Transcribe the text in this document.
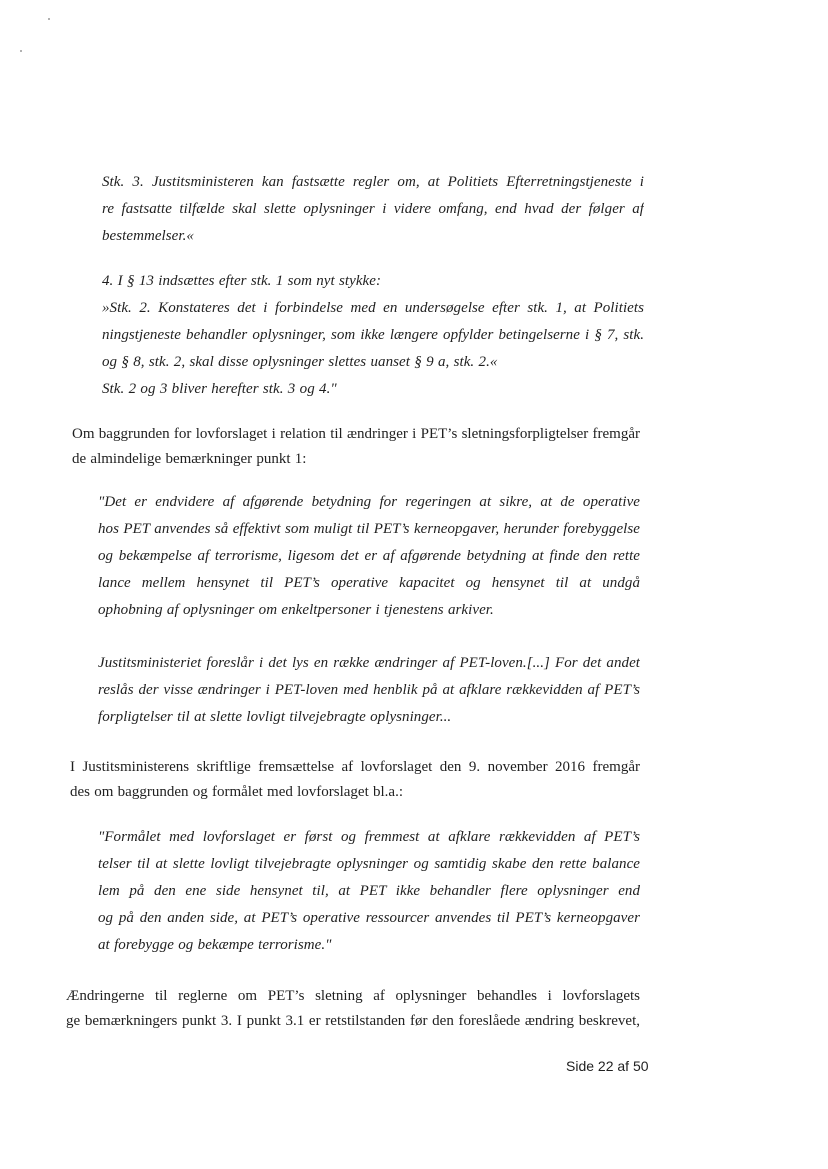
Stk. 3. Justitsministeren kan fastsætte regler om, at Politiets Efterretningstjeneste i
re fastsatte tilfælde skal slette oplysninger i videre omfang, end hvad der følger af
bestemmelser.«
4. I § 13 indsættes efter stk. 1 som nyt stykke:
»Stk. 2. Konstateres det i forbindelse med en undersøgelse efter stk. 1, at Politiets
ningstjeneste behandler oplysninger, som ikke længere opfylder betingelserne i § 7, stk.
og § 8, stk. 2, skal disse oplysninger slettes uanset § 9 a, stk. 2.«
Stk. 2 og 3 bliver herefter stk. 3 og 4."
Om baggrunden for lovforslaget i relation til ændringer i PET’s sletningsforpligtelser fremgår
de almindelige bemærkninger punkt 1:
"Det er endvidere af afgørende betydning for regeringen at sikre, at de operative
hos PET anvendes så effektivt som muligt til PET’s kerneopgaver, herunder forebyggelse
og bekæmpelse af terrorisme, ligesom det er af afgørende betydning at finde den rette
lance mellem hensynet til PET’s operative kapacitet og hensynet til at undgå
ophobning af oplysninger om enkeltpersoner i tjenestens arkiver.
Justitsministeriet foreslår i det lys en række ændringer af PET-loven.[...] For det andet
reslås der visse ændringer i PET-loven med henblik på at afklare rækkevidden af PET’s
forpligtelser til at slette lovligt tilvejebragte oplysninger...
I Justitsministerens skriftlige fremsættelse af lovforslaget den 9. november 2016 fremgår
des om baggrunden og formålet med lovforslaget bl.a.:
"Formålet med lovforslaget er først og fremmest at afklare rækkevidden af PET’s
telser til at slette lovligt tilvejebragte oplysninger og samtidig skabe den rette balance
lem på den ene side hensynet til, at PET ikke behandler flere oplysninger end
og på den anden side, at PET’s operative ressourcer anvendes til PET’s kerneopgaver
at forebygge og bekæmpe terrorisme."
Ændringerne til reglerne om PET’s sletning af oplysninger behandles i lovforslagets
ge bemærkningers punkt 3. I punkt 3.1 er retstilstanden før den foreslåede ændring beskrevet,
Side 22 af 50
